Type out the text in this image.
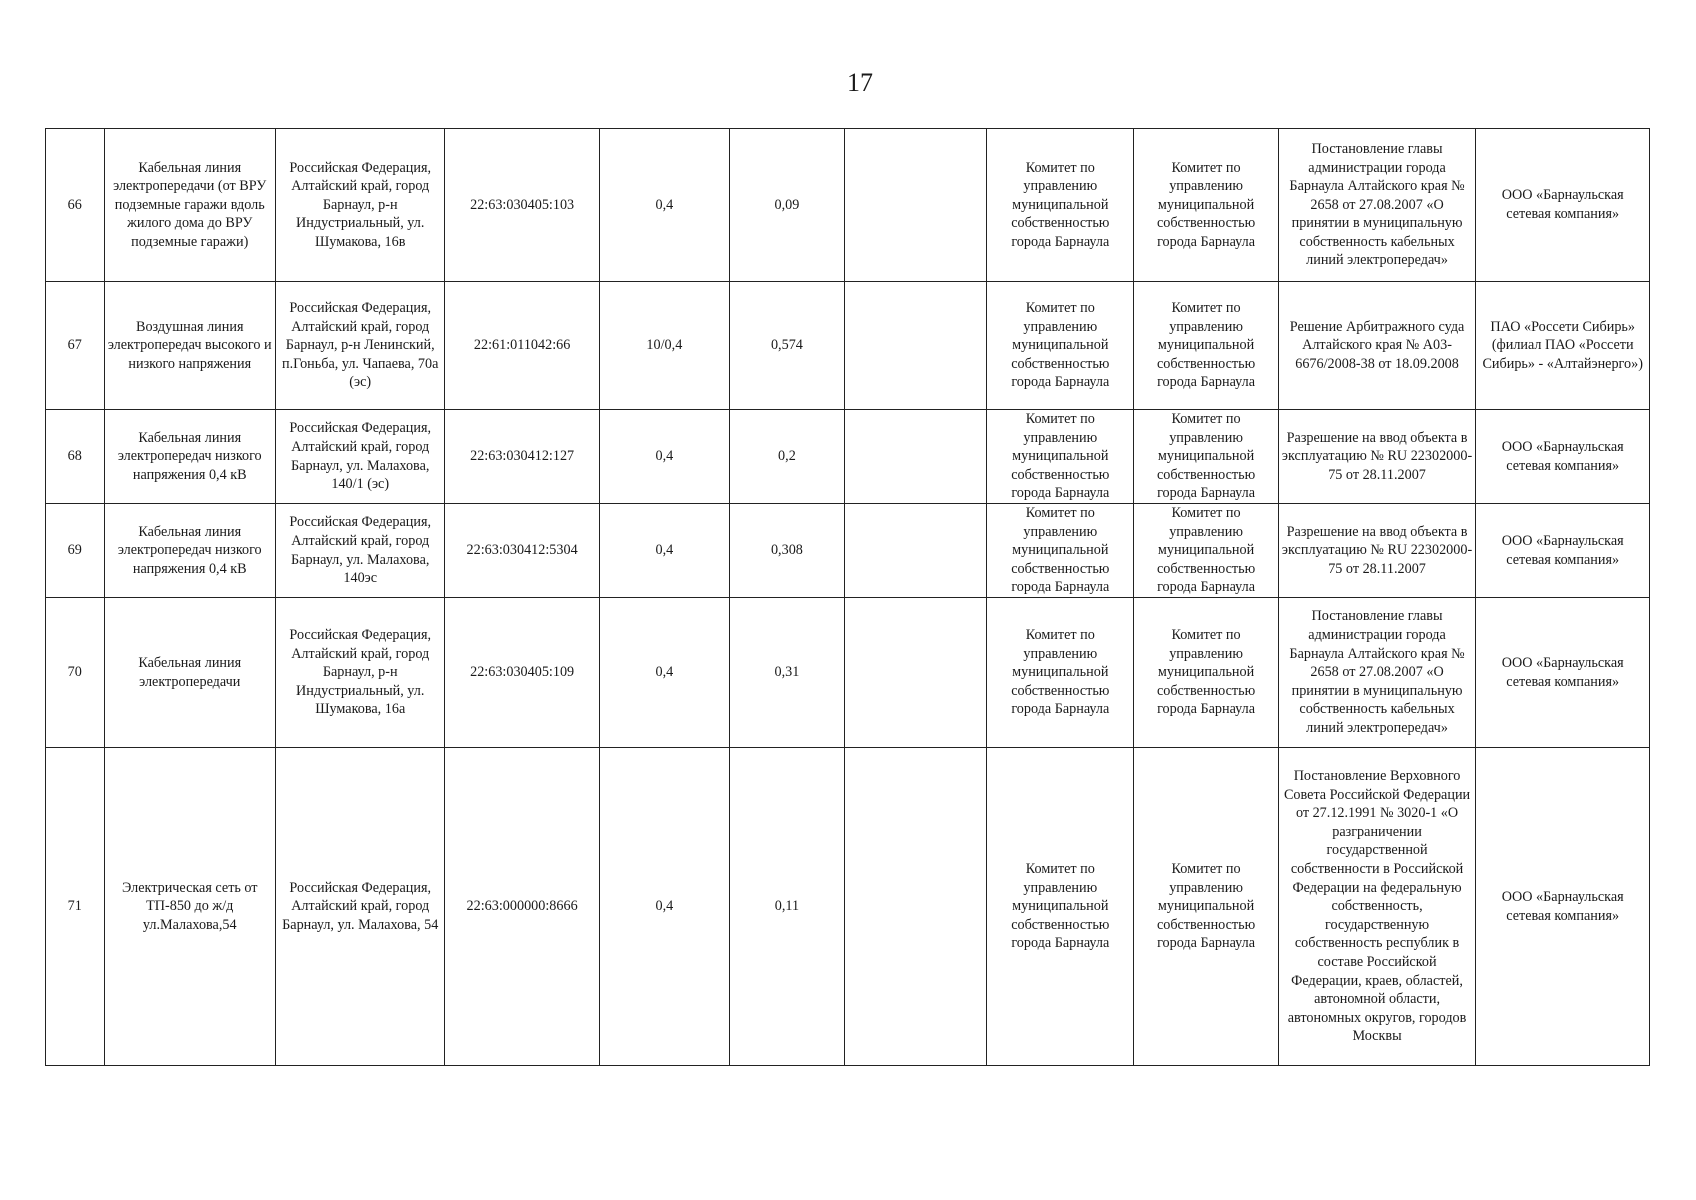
17
66	Кабельная линия электропередачи (от ВРУ подземные гаражи вдоль жилого дома до ВРУ подземные гаражи)	Российская Федерация, Алтайский край, город Барнаул, р-н Индустриальный, ул. Шумакова, 16в	22:63:030405:103	0,4	0,09		Комитет по управлению муниципальной собственностью города Барнаула	Комитет по управлению муниципальной собственностью города Барнаула	Постановление главы администрации города Барнаула Алтайского края № 2658 от 27.08.2007 «О принятии в муниципальную собственность кабельных линий электропередач»	ООО «Барнаульская сетевая компания»
67	Воздушная линия электропередач высокого и низкого напряжения	Российская Федерация, Алтайский край, город Барнаул, р-н Ленинский, п.Гоньба, ул. Чапаева, 70а (эс)	22:61:011042:66	10/0,4	0,574		Комитет по управлению муниципальной собственностью города Барнаула	Комитет по управлению муниципальной собственностью города Барнаула	Решение Арбитражного суда Алтайского края № А03-6676/2008-38 от 18.09.2008	ПАО «Россети Сибирь» (филиал ПАО «Россети Сибирь» - «Алтайэнерго»)
68	Кабельная линия электропередач низкого напряжения 0,4 кВ	Российская Федерация, Алтайский край, город Барнаул, ул. Малахова, 140/1 (эс)	22:63:030412:127	0,4	0,2		Комитет по управлению муниципальной собственностью города Барнаула	Комитет по управлению муниципальной собственностью города Барнаула	Разрешение на ввод объекта в эксплуатацию № RU 22302000-75 от 28.11.2007	ООО «Барнаульская сетевая компания»
69	Кабельная линия электропередач низкого напряжения 0,4 кВ	Российская Федерация, Алтайский край, город Барнаул, ул. Малахова, 140эс	22:63:030412:5304	0,4	0,308		Комитет по управлению муниципальной собственностью города Барнаула	Комитет по управлению муниципальной собственностью города Барнаула	Разрешение на ввод объекта в эксплуатацию № RU 22302000-75 от 28.11.2007	ООО «Барнаульская сетевая компания»
70	Кабельная линия электропередачи	Российская Федерация, Алтайский край, город Барнаул, р-н Индустриальный, ул. Шумакова, 16а	22:63:030405:109	0,4	0,31		Комитет по управлению муниципальной собственностью города Барнаула	Комитет по управлению муниципальной собственностью города Барнаула	Постановление главы администрации города Барнаула Алтайского края № 2658 от 27.08.2007 «О принятии в муниципальную собственность кабельных линий электропередач»	ООО «Барнаульская сетевая компания»
71	Электрическая сеть от ТП-850 до ж/д ул.Малахова,54	Российская Федерация, Алтайский край, город Барнаул, ул. Малахова, 54	22:63:000000:8666	0,4	0,11		Комитет по управлению муниципальной собственностью города Барнаула	Комитет по управлению муниципальной собственностью города Барнаула	Постановление Верховного Совета Российской Федерации от 27.12.1991 № 3020-1 «О разграничении государственной собственности в Российской Федерации на федеральную собственность, государственную собственность республик в составе Российской Федерации, краев, областей, автономной области, автономных округов, городов Москвы	ООО «Барнаульская сетевая компания»
